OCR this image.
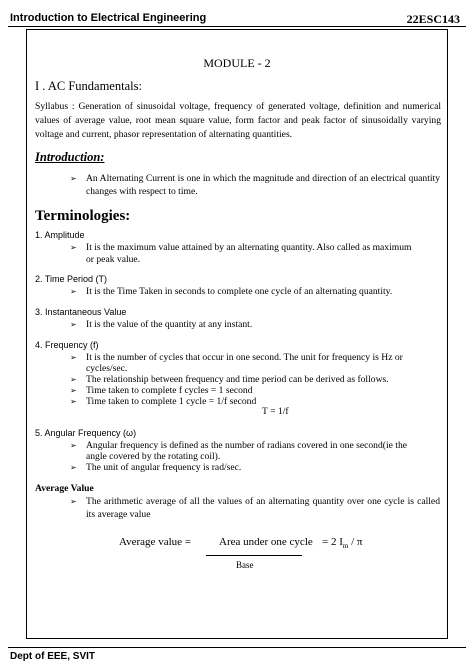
Introduction to Electrical Engineering	22ESC143
MODULE - 2
I . AC Fundamentals:
Syllabus : Generation of sinusoidal voltage, frequency of generated voltage, definition and numerical values of average value, root mean square value, form factor and peak factor of sinusoidally varying voltage and current, phasor representation of alternating quantities.
Introduction:
➢ An Alternating Current is one in which the magnitude and direction of an electrical quantity changes with respect to time.
Terminologies:
1. Amplitude
➢ It is the maximum value attained by an alternating quantity. Also called as maximum
or peak value.
2. Time Period (T)
➢ It is the Time Taken in seconds to complete one cycle of an alternating quantity.
3. Instantaneous Value
➢ It is the value of the quantity at any instant.
4. Frequency (f)
➢ It is the number of cycles that occur in one second. The unit for frequency is Hz or
cycles/sec.
➢ The relationship between frequency and time period can be derived as follows.
➢ Time taken to complete f cycles = 1 second
➢ Time taken to complete 1 cycle = 1/f second
T = 1/f
5. Angular Frequency (ω)
➢ Angular frequency is defined as the number of radians covered in one second(ie the
angle covered by the rotating coil).
➢ The unit of angular frequency is rad/sec.
Average Value
➢ The arithmetic average of all the values of an alternating quantity over one cycle is called its average value
Average value =	Area under one cycle = 2 $I_m$ / π
Base
Dept of EEE, SVIT
